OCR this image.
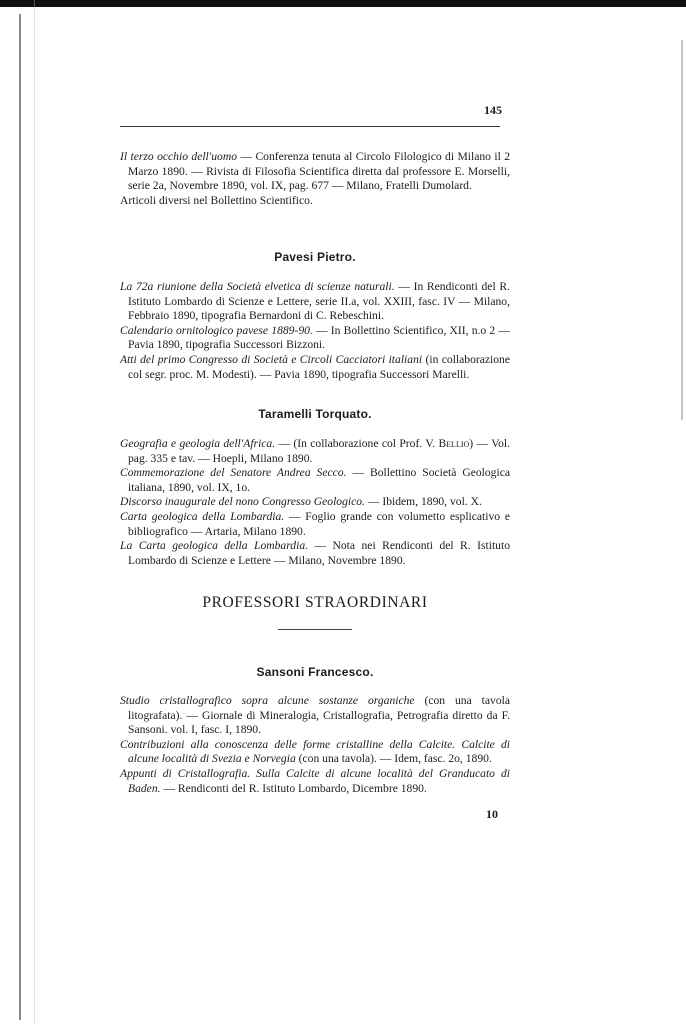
145
Il terzo occhio dell'uomo — Conferenza tenuta al Circolo Filologico di Milano il 2 Marzo 1890. — Rivista di Filosofia Scientifica diretta dal professore E. Morselli, serie 2a, Novembre 1890, vol. IX, pag. 677 — Milano, Fratelli Dumolard.
Articoli diversi nel Bollettino Scientifico.
Pavesi Pietro.
La 72a riunione della Società elvetica di scienze naturali. — In Rendiconti del R. Istituto Lombardo di Scienze e Lettere, serie II.a, vol. XXIII, fasc. IV — Milano, Febbraio 1890, tipografia Bernardoni di C. Rebeschini.
Calendario ornitologico pavese 1889-90. — In Bollettino Scientifico, XII, n.o 2 — Pavia 1890, tipografia Successori Bizzoni.
Atti del primo Congresso di Società e Circoli Cacciatori italiani (in collaborazione col segr. proc. M. Modesti). — Pavia 1890, tipografia Successori Marelli.
Taramelli Torquato.
Geografia e geologia dell'Africa. — (In collaborazione col Prof. V. Bellio) — Vol. pag. 335 e tav. — Hoepli, Milano 1890.
Commemorazione del Senatore Andrea Secco. — Bollettino Società Geologica italiana, 1890, vol. IX, 1o.
Discorso inaugurale del nono Congresso Geologico. — Ibidem, 1890, vol. X.
Carta geologica della Lombardia. — Foglio grande con volumetto esplicativo e bibliografico — Artaria, Milano 1890.
La Carta geologica della Lombardia. — Nota nei Rendiconti del R. Istituto Lombardo di Scienze e Lettere — Milano, Novembre 1890.
PROFESSORI STRAORDINARI
Sansoni Francesco.
Studio cristallografico sopra alcune sostanze organiche (con una tavola litografata). — Giornale di Mineralogia, Cristallografia, Petrografia diretto da F. Sansoni. vol. I, fasc. I, 1890.
Contribuzioni alla conoscenza delle forme cristalline della Calcite. Calcite di alcune località di Svezia e Norvegia (con una tavola). — Idem, fasc. 2o, 1890.
Appunti di Cristallografia. Sulla Calcite di alcune località del Granducato di Baden. — Rendiconti del R. Istituto Lombardo, Dicembre 1890.
10
